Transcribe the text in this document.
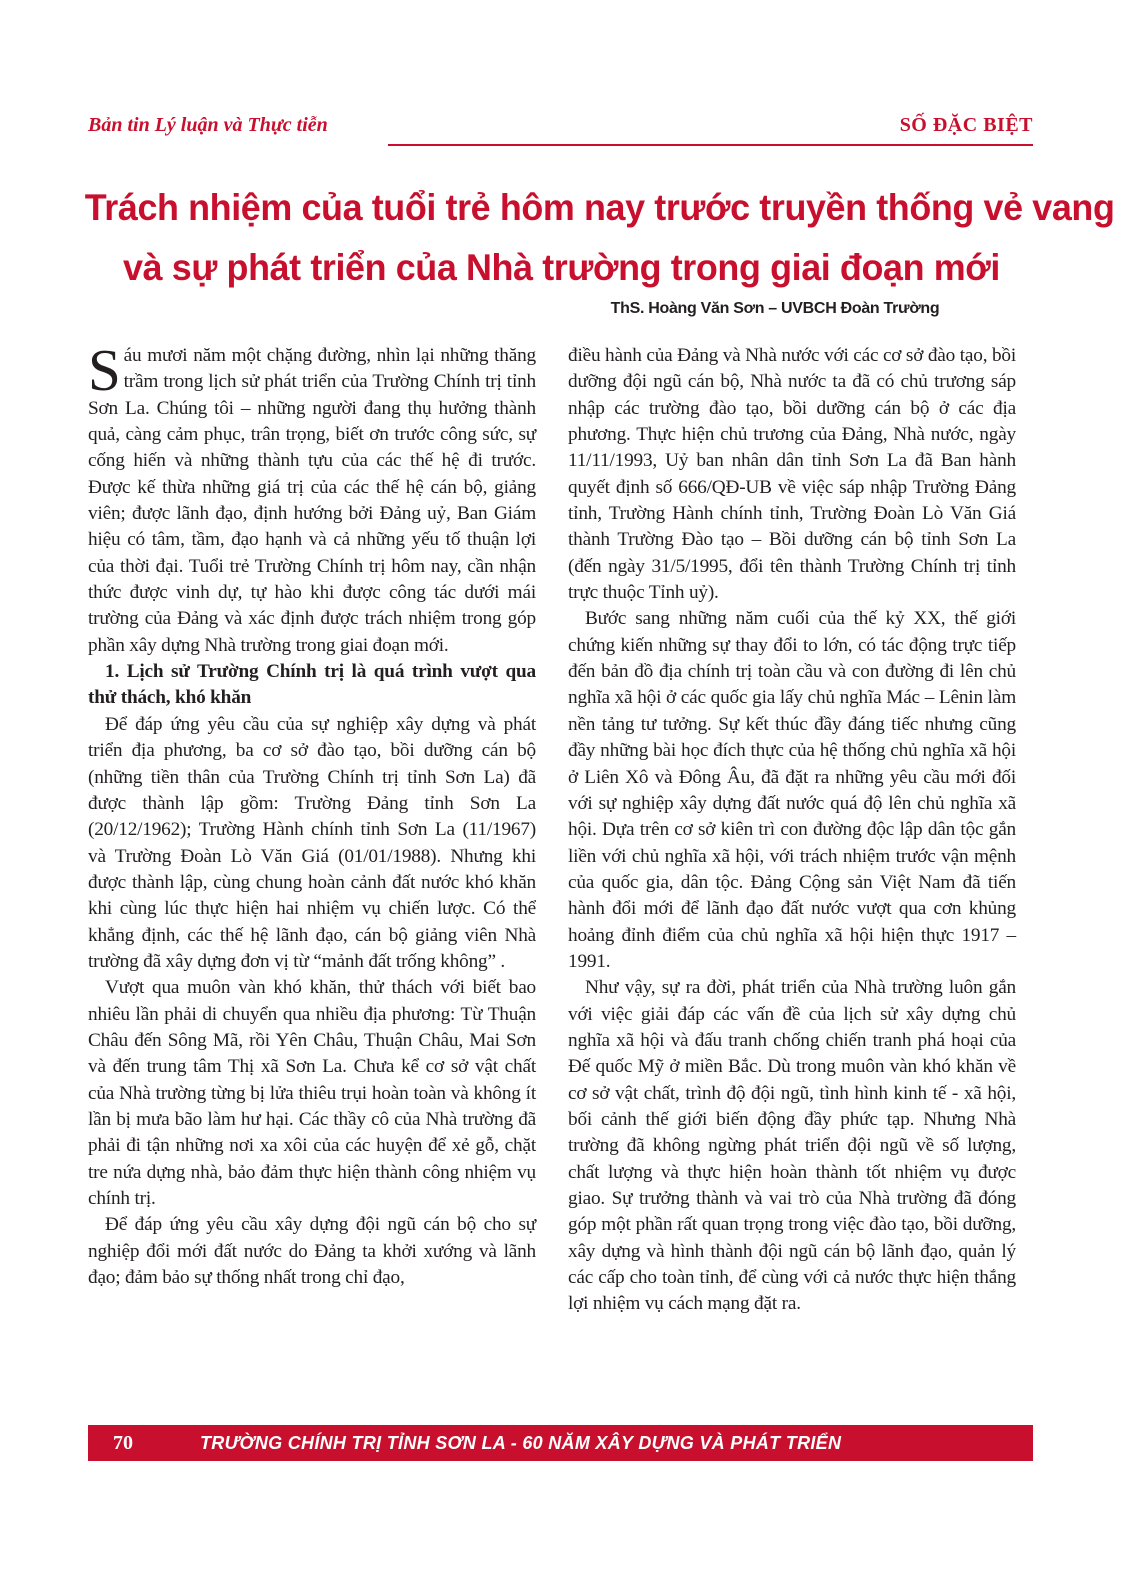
Bản tin Lý luận và Thực tiễn	SỐ ĐẶC BIỆT
Trách nhiệm của tuổi trẻ hôm nay trước truyền thống vẻ vang
và sự phát triển của Nhà trường trong giai đoạn mới
ThS. Hoàng Văn Sơn – UVBCH Đoàn Trường

Sáu mươi năm một chặng đường, nhìn lại những thăng trầm trong lịch sử phát triển của Trường Chính trị tỉnh Sơn La. Chúng tôi – những người đang thụ hưởng thành quả, càng cảm phục, trân trọng, biết ơn trước công sức, sự cống hiến và những thành tựu của các thế hệ đi trước. Được kế thừa những giá trị của các thế hệ cán bộ, giảng viên; được lãnh đạo, định hướng bởi Đảng uỷ, Ban Giám hiệu có tâm, tầm, đạo hạnh và cả những yếu tố thuận lợi của thời đại. Tuổi trẻ Trường Chính trị hôm nay, cần nhận thức được vinh dự, tự hào khi được công tác dưới mái trường của Đảng và xác định được trách nhiệm trong góp phần xây dựng Nhà trường trong giai đoạn mới.

1. Lịch sử Trường Chính trị là quá trình vượt qua thử thách, khó khăn

Để đáp ứng yêu cầu của sự nghiệp xây dựng và phát triển địa phương, ba cơ sở đào tạo, bồi dưỡng cán bộ (những tiền thân của Trường Chính trị tỉnh Sơn La) đã được thành lập gồm: Trường Đảng tỉnh Sơn La (20/12/1962); Trường Hành chính tỉnh Sơn La (11/1967) và Trường Đoàn Lò Văn Giá (01/01/1988). Nhưng khi được thành lập, cùng chung hoàn cảnh đất nước khó khăn khi cùng lúc thực hiện hai nhiệm vụ chiến lược. Có thể khẳng định, các thế hệ lãnh đạo, cán bộ giảng viên Nhà trường đã xây dựng đơn vị từ “mảnh đất trống không” .

Vượt qua muôn vàn khó khăn, thử thách với biết bao nhiêu lần phải di chuyển qua nhiều địa phương: Từ Thuận Châu đến Sông Mã, rồi Yên Châu, Thuận Châu, Mai Sơn và đến trung tâm Thị xã Sơn La. Chưa kể cơ sở vật chất của Nhà trường từng bị lửa thiêu trụi hoàn toàn và không ít lần bị mưa bão làm hư hại. Các thầy cô của Nhà trường đã phải đi tận những nơi xa xôi của các huyện để xẻ gỗ, chặt tre nứa dựng nhà, bảo đảm thực hiện thành công nhiệm vụ chính trị.

Để đáp ứng yêu cầu xây dựng đội ngũ cán bộ cho sự nghiệp đổi mới đất nước do Đảng ta khởi xướng và lãnh đạo; đảm bảo sự thống nhất trong chỉ đạo,

điều hành của Đảng và Nhà nước với các cơ sở đào tạo, bồi dưỡng đội ngũ cán bộ, Nhà nước ta đã có chủ trương sáp nhập các trường đào tạo, bồi dưỡng cán bộ ở các địa phương. Thực hiện chủ trương của Đảng, Nhà nước, ngày 11/11/1993, Uỷ ban nhân dân tỉnh Sơn La đã Ban hành quyết định số 666/QĐ-UB về việc sáp nhập Trường Đảng tỉnh, Trường Hành chính tỉnh, Trường Đoàn Lò Văn Giá thành Trường Đào tạo – Bồi dưỡng cán bộ tỉnh Sơn La (đến ngày 31/5/1995, đổi tên thành Trường Chính trị tỉnh trực thuộc Tỉnh uỷ).

Bước sang những năm cuối của thế kỷ XX, thế giới chứng kiến những sự thay đổi to lớn, có tác động trực tiếp đến bản đồ địa chính trị toàn cầu và con đường đi lên chủ nghĩa xã hội ở các quốc gia lấy chủ nghĩa Mác – Lênin làm nền tảng tư tưởng. Sự kết thúc đầy đáng tiếc nhưng cũng đầy những bài học đích thực của hệ thống chủ nghĩa xã hội ở Liên Xô và Đông Âu, đã đặt ra những yêu cầu mới đối với sự nghiệp xây dựng đất nước quá độ lên chủ nghĩa xã hội. Dựa trên cơ sở kiên trì con đường độc lập dân tộc gắn liền với chủ nghĩa xã hội, với trách nhiệm trước vận mệnh của quốc gia, dân tộc. Đảng Cộng sản Việt Nam đã tiến hành đổi mới để lãnh đạo đất nước vượt qua cơn khủng hoảng đỉnh điểm của chủ nghĩa xã hội hiện thực 1917 – 1991.

Như vậy, sự ra đời, phát triển của Nhà trường luôn gắn với việc giải đáp các vấn đề của lịch sử xây dựng chủ nghĩa xã hội và đấu tranh chống chiến tranh phá hoại của Đế quốc Mỹ ở miền Bắc. Dù trong muôn vàn khó khăn về cơ sở vật chất, trình độ đội ngũ, tình hình kinh tế - xã hội, bối cảnh thế giới biến động đầy phức tạp. Nhưng Nhà trường đã không ngừng phát triển đội ngũ về số lượng, chất lượng và thực hiện hoàn thành tốt nhiệm vụ được giao. Sự trưởng thành và vai trò của Nhà trường đã đóng góp một phần rất quan trọng trong việc đào tạo, bồi dưỡng, xây dựng và hình thành đội ngũ cán bộ lãnh đạo, quản lý các cấp cho toàn tỉnh, để cùng với cả nước thực hiện thắng lợi nhiệm vụ cách mạng đặt ra.

70	TRƯỜNG CHÍNH TRỊ TỈNH SƠN LA - 60 NĂM XÂY DỰNG VÀ PHÁT TRIỂN
